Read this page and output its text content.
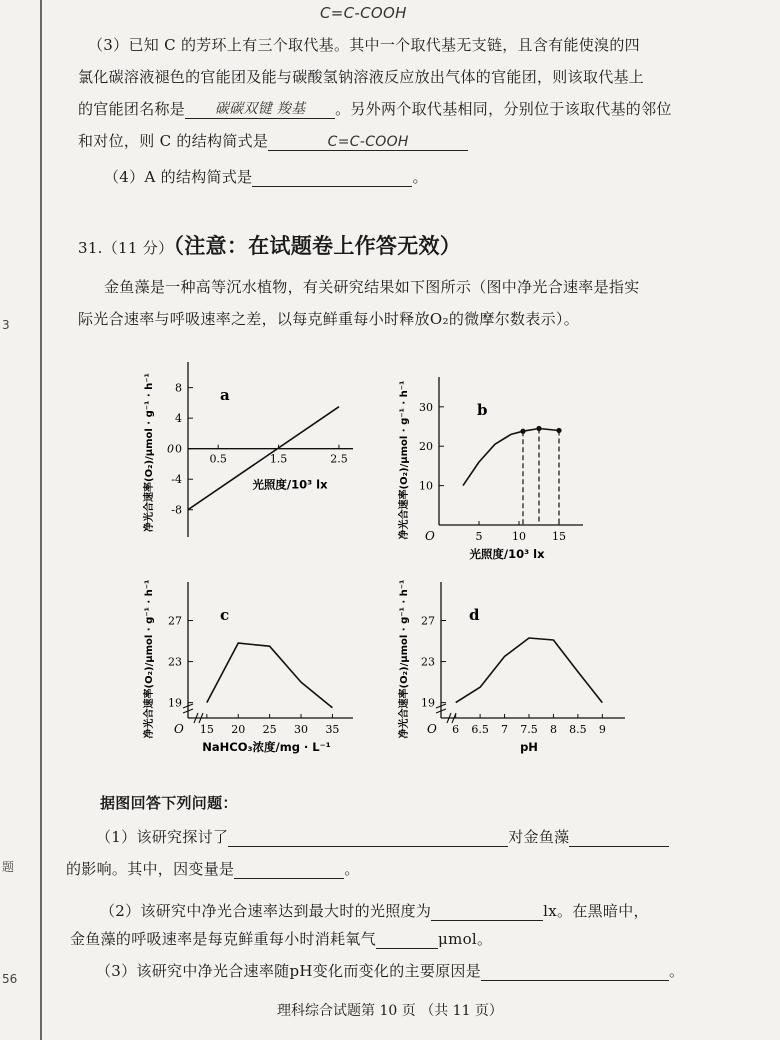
C=C-COOH
（3）已知 C 的芳环上有三个取代基。其中一个取代基无支链，且含有能使溴的四
氯化碳溶液褪色的官能团及能与碳酸氢钠溶液反应放出气体的官能团，则该取代基上
的官能团名称是 碳碳双键 羧基 。另外两个取代基相同，分别位于该取代基的邻位
和对位，则 C 的结构简式是	C=C-COOH
（4）A 的结构简式是	。
31.（11 分）（注意：在试题卷上作答无效）
金鱼藻是一种高等沉水植物，有关研究结果如下图所示（图中净光合速率是指实
际光合速率与呼吸速率之差，以每克鲜重每小时释放O₂的微摩尔数表示）。
-8
-4
0
4
8
0.5	1.5	2.5
0
a
光照度/10³ lx
净光合速率(O₂)/μmol · g⁻¹ · h⁻¹	10
20
30
5	10 15
O
b
光照度/10³ lx
净光合速率(O₂)/μmol · g⁻¹ · h⁻¹
19
23
27
15 20 25 30 35
O
c
NaHCO₃浓度/mg · L⁻¹
净光合速率(O₂)/μmol · g⁻¹ · h⁻¹	19
23
27
6 6.5 7 7.5 8 8.5 9
O
d
pH
净光合速率(O₂)/μmol · g⁻¹ · h⁻¹
据图回答下列问题：
（1）该研究探讨了	对金鱼藻
的影响。其中，因变量是	。
（2）该研究中净光合速率达到最大时的光照度为	lx。在黑暗中，
金鱼藻的呼吸速率是每克鲜重每小时消耗氧气	μmol。
（3）该研究中净光合速率随pH变化而变化的主要原因是	。
理科综合试题第 10 页 （共 11 页）
3
题
56
